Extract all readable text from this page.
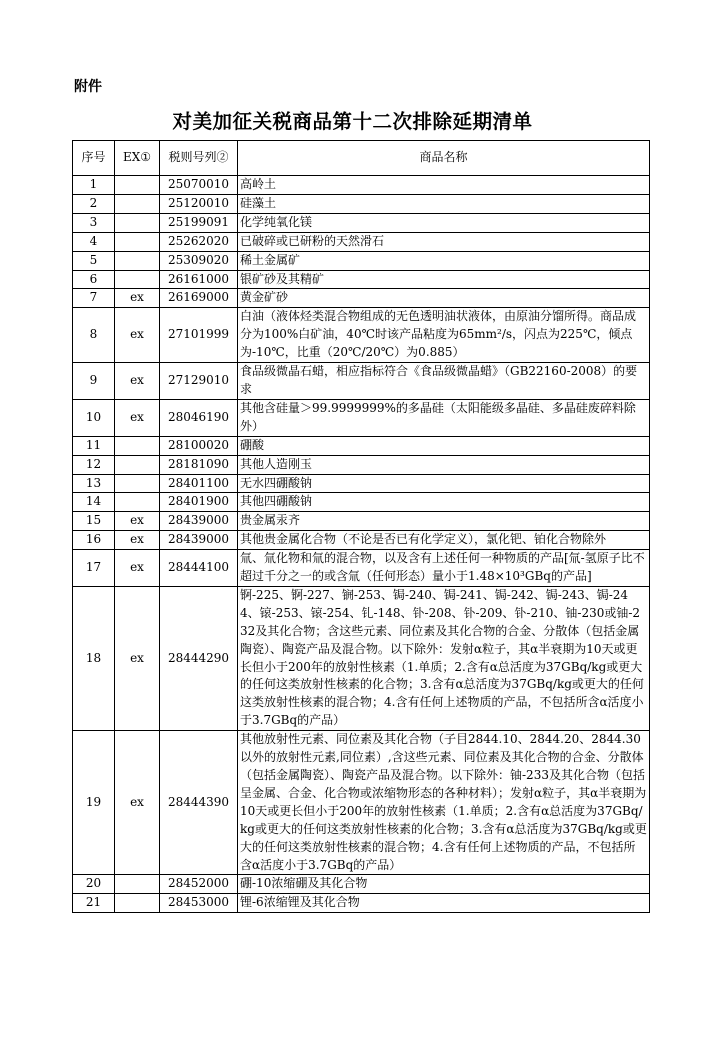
附件
对美加征关税商品第十二次排除延期清单
序号	EX①	税则号列②	商品名称
1		25070010	高岭土
2		25120010	硅藻土
3		25199091	化学纯氧化镁
4		25262020	已破碎或已研粉的天然滑石
5		25309020	稀土金属矿
6		26161000	银矿砂及其精矿
7	ex	26169000	黄金矿砂
8	ex	27101999	白油（液体烃类混合物组成的无色透明油状液体，由原油分馏所得。商品成分为100%白矿油，40℃时该产品粘度为65mm²/s，闪点为225℃，倾点为-10℃，比重（20℃/20℃）为0.885）
9	ex	27129010	食品级微晶石蜡，相应指标符合《食品级微晶蜡》（GB22160-2008）的要求
10	ex	28046190	其他含硅量＞99.9999999%的多晶硅（太阳能级多晶硅、多晶硅废碎料除外）
11		28100020	硼酸
12		28181090	其他人造刚玉
13		28401100	无水四硼酸钠
14		28401900	其他四硼酸钠
15	ex	28439000	贵金属汞齐
16	ex	28439000	其他贵金属化合物（不论是否已有化学定义），氯化钯、铂化合物除外
17	ex	28444100	氚、氚化物和氚的混合物，以及含有上述任何一种物质的产品[氚-氢原子比不超过千分之一的或含氚（任何形态）量小于1.48×10³GBq的产品]
18	ex	28444290	锕-225、锕-227、锎-253、锔-240、锔-241、锔-242、锔-243、锔-244、锿-253、锿-254、钆-148、钋-208、钋-209、钋-210、铀-230或铀-232及其化合物；含这些元素、同位素及其化合物的合金、分散体（包括金属陶瓷）、陶瓷产品及混合物。以下除外：发射α粒子，其α半衰期为10天或更长但小于200年的放射性核素（1.单质；2.含有α总活度为37GBq/kg或更大的任何这类放射性核素的化合物；3.含有α总活度为37GBq/kg或更大的任何这类放射性核素的混合物；4.含有任何上述物质的产品，不包括所含α活度小于3.7GBq的产品）
19	ex	28444390	其他放射性元素、同位素及其化合物（子目2844.10、2844.20、2844.30以外的放射性元素,同位素）,含这些元素、同位素及其化合物的合金、分散体（包括金属陶瓷）、陶瓷产品及混合物。以下除外：铀-233及其化合物（包括呈金属、合金、化合物或浓缩物形态的各种材料）；发射α粒子，其α半衰期为10天或更长但小于200年的放射性核素（1.单质；2.含有α总活度为37GBq/kg或更大的任何这类放射性核素的化合物；3.含有α总活度为37GBq/kg或更大的任何这类放射性核素的混合物；4.含有任何上述物质的产品，不包括所含α活度小于3.7GBq的产品）
20		28452000	硼-10浓缩硼及其化合物
21		28453000	锂-6浓缩锂及其化合物
